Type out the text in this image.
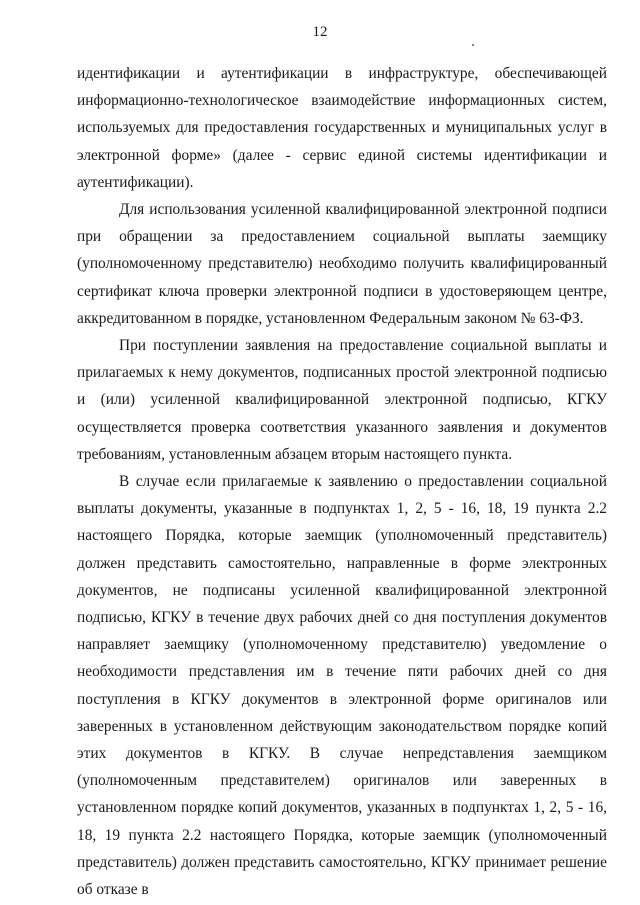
12

идентификации и аутентификации в инфраструктуре, обеспечивающей информационно-технологическое взаимодействие информационных систем, используемых для предоставления государственных и муниципальных услуг в электронной форме» (далее - сервис единой системы идентификации и аутентификации).

Для использования усиленной квалифицированной электронной подписи при обращении за предоставлением социальной выплаты заемщику (уполномоченному представителю) необходимо получить квалифицированный сертификат ключа проверки электронной подписи в удостоверяющем центре, аккредитованном в порядке, установленном Федеральным законом № 63-ФЗ.

При поступлении заявления на предоставление социальной выплаты и прилагаемых к нему документов, подписанных простой электронной подписью и (или) усиленной квалифицированной электронной подписью, КГКУ осуществляется проверка соответствия указанного заявления и документов требованиям, установленным абзацем вторым настоящего пункта.

В случае если прилагаемые к заявлению о предоставлении социальной выплаты документы, указанные в подпунктах 1, 2, 5 - 16, 18, 19 пункта 2.2 настоящего Порядка, которые заемщик (уполномоченный представитель) должен представить самостоятельно, направленные в форме электронных документов, не подписаны усиленной квалифицированной электронной подписью, КГКУ в течение двух рабочих дней со дня поступления документов направляет заемщику (уполномоченному представителю) уведомление о необходимости представления им в течение пяти рабочих дней со дня поступления в КГКУ документов в электронной форме оригиналов или заверенных в установленном действующим законодательством порядке копий этих документов в КГКУ. В случае непредставления заемщиком (уполномоченным представителем) оригиналов или заверенных в установленном порядке копий документов, указанных в подпунктах 1, 2, 5 - 16, 18, 19 пункта 2.2 настоящего Порядка, которые заемщик (уполномоченный представитель) должен представить самостоятельно, КГКУ принимает решение об отказе в
